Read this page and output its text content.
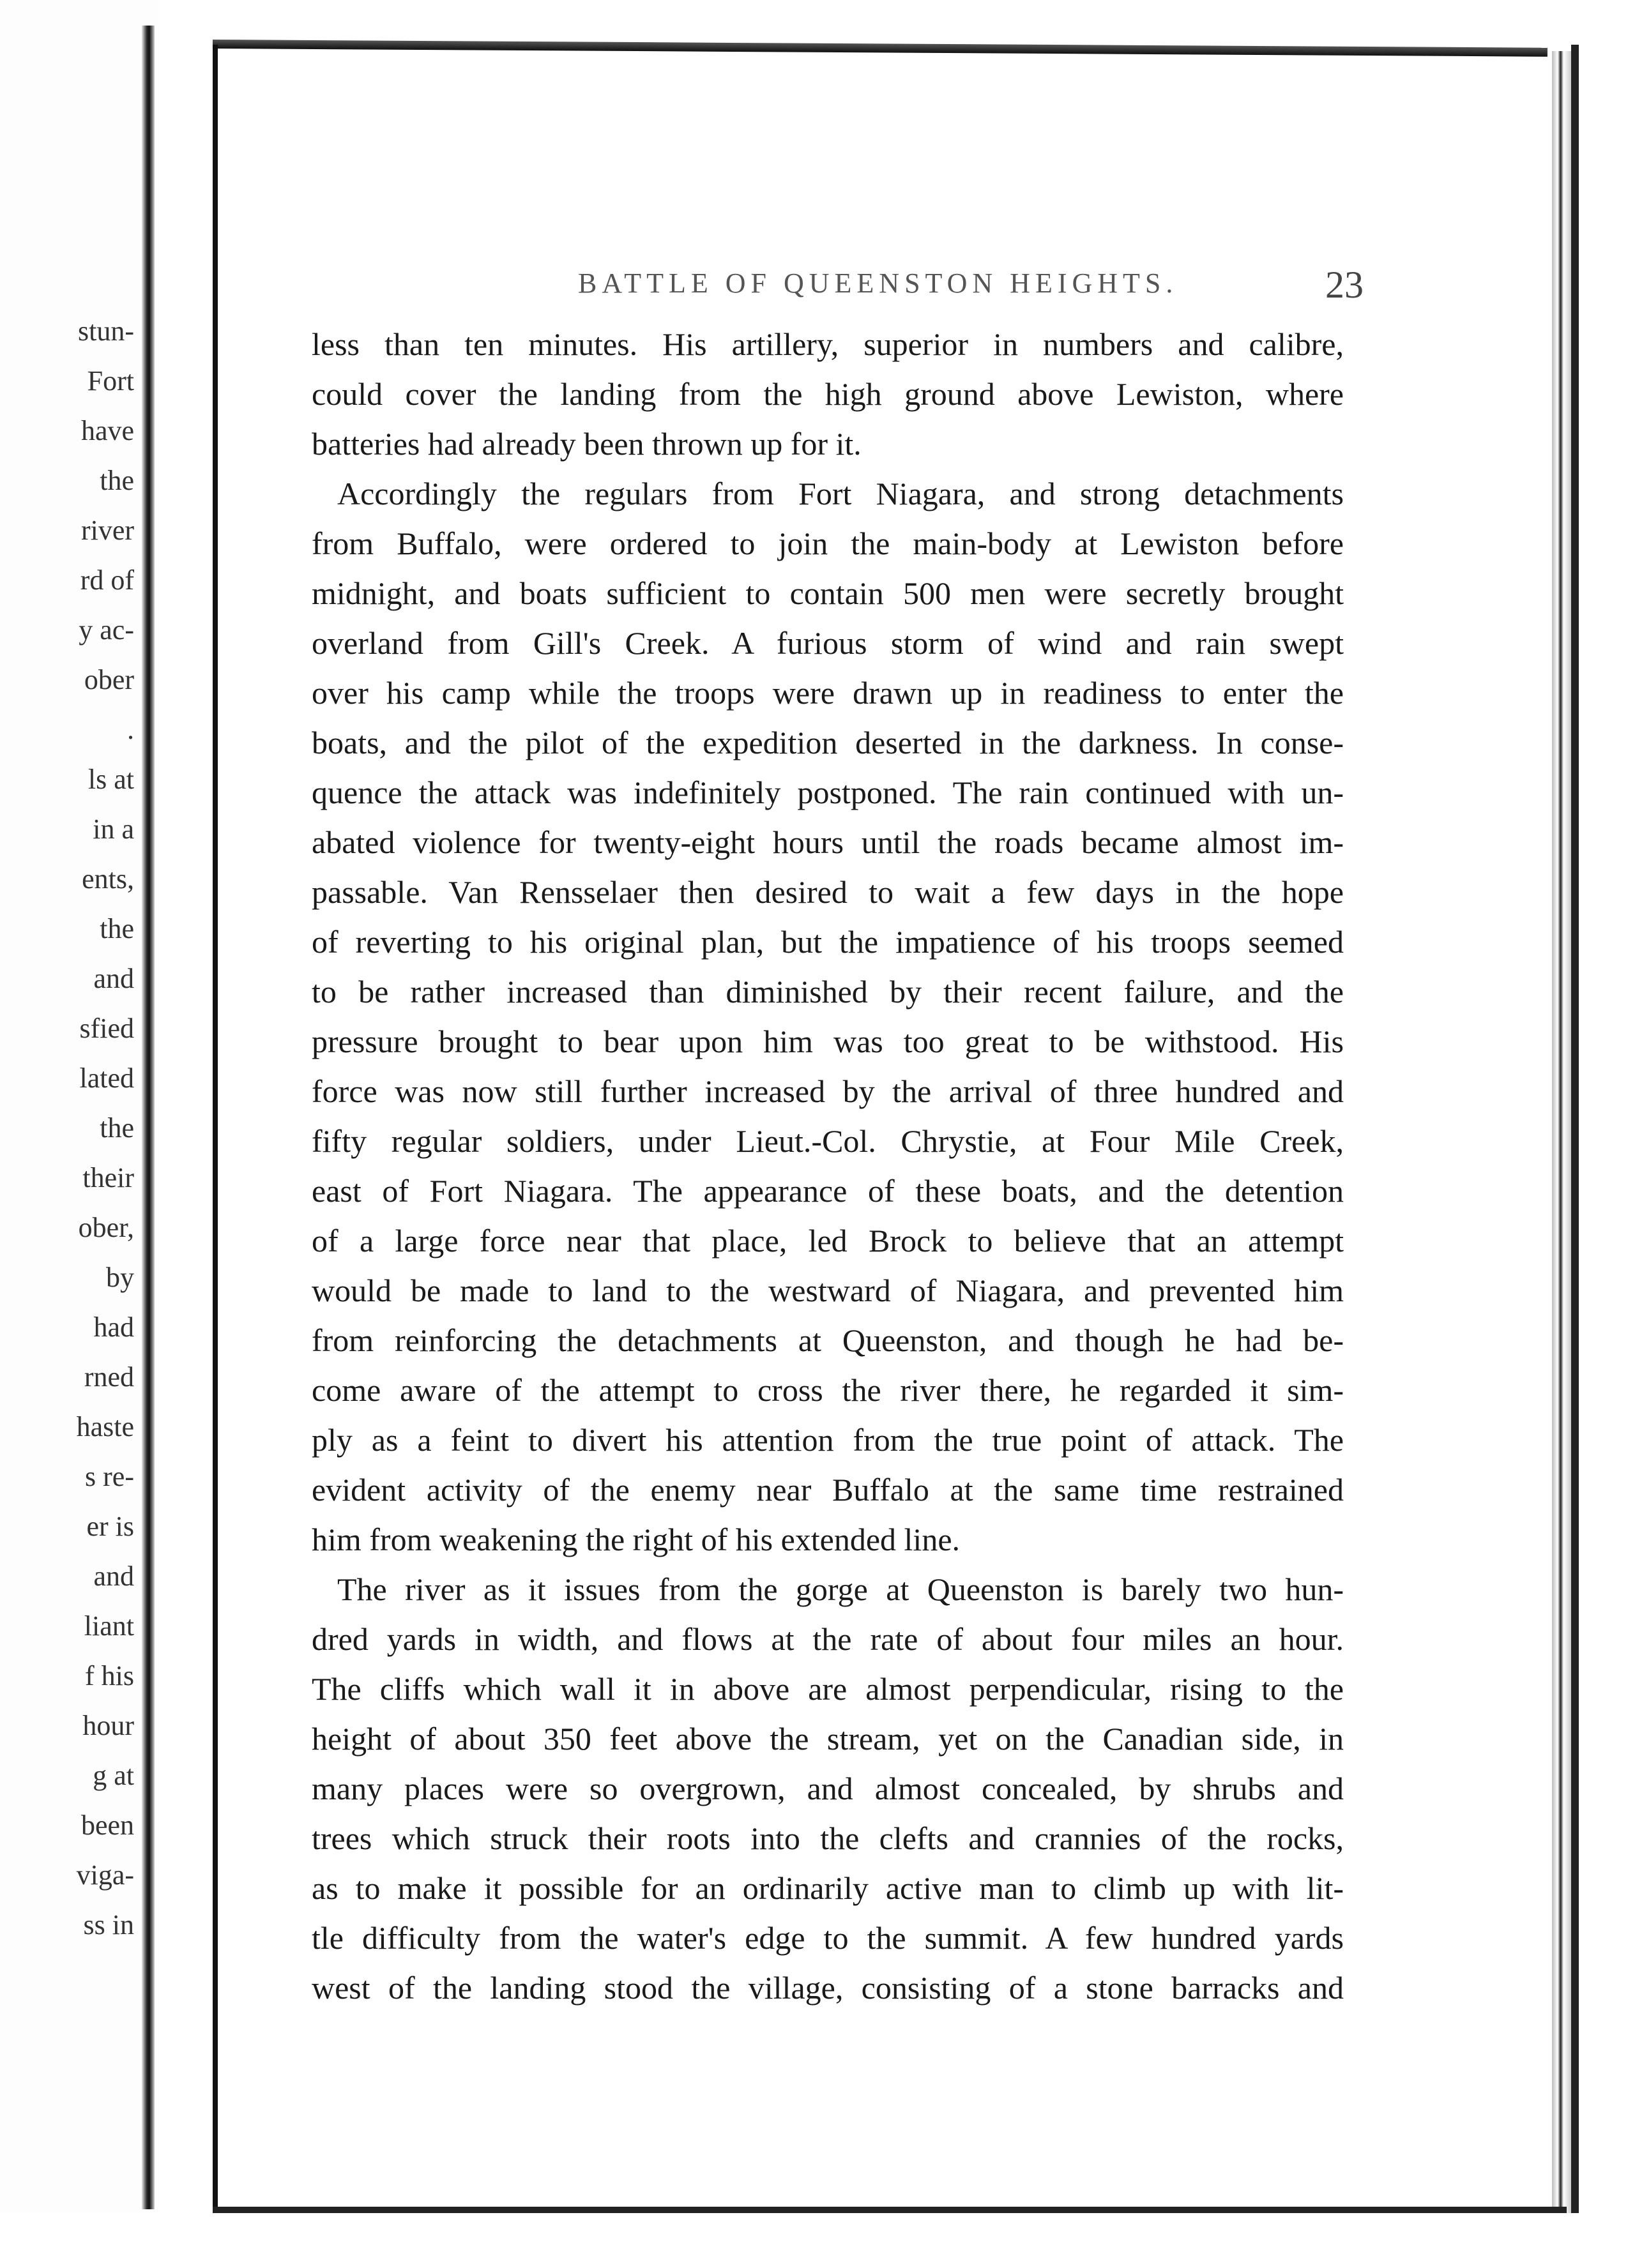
stun-
Fort
have
the
river
rd of
y ac-
ober
.
ls at
in a
ents,
the
and
sfied
lated
the
their
ober,
by
had
rned
haste
s re-
er is
and
liant
f his
hour
g at
been
viga-
ss in
BATTLE OF QUEENSTON HEIGHTS.	23
less than ten minutes. His artillery, superior in numbers and calibre,
could cover the landing from the high ground above Lewiston, where
batteries had already been thrown up for it.
Accordingly the regulars from Fort Niagara, and strong detachments
from Buffalo, were ordered to join the main-body at Lewiston before
midnight, and boats sufficient to contain 500 men were secretly brought
overland from Gill's Creek. A furious storm of wind and rain swept
over his camp while the troops were drawn up in readiness to enter the
boats, and the pilot of the expedition deserted in the darkness. In conse-
quence the attack was indefinitely postponed. The rain continued with un-
abated violence for twenty-eight hours until the roads became almost im-
passable. Van Rensselaer then desired to wait a few days in the hope
of reverting to his original plan, but the impatience of his troops seemed
to be rather increased than diminished by their recent failure, and the
pressure brought to bear upon him was too great to be withstood. His
force was now still further increased by the arrival of three hundred and
fifty regular soldiers, under Lieut.-Col. Chrystie, at Four Mile Creek,
east of Fort Niagara. The appearance of these boats, and the detention
of a large force near that place, led Brock to believe that an attempt
would be made to land to the westward of Niagara, and prevented him
from reinforcing the detachments at Queenston, and though he had be-
come aware of the attempt to cross the river there, he regarded it sim-
ply as a feint to divert his attention from the true point of attack. The
evident activity of the enemy near Buffalo at the same time restrained
him from weakening the right of his extended line.
The river as it issues from the gorge at Queenston is barely two hun-
dred yards in width, and flows at the rate of about four miles an hour.
The cliffs which wall it in above are almost perpendicular, rising to the
height of about 350 feet above the stream, yet on the Canadian side, in
many places were so overgrown, and almost concealed, by shrubs and
trees which struck their roots into the clefts and crannies of the rocks,
as to make it possible for an ordinarily active man to climb up with lit-
tle difficulty from the water's edge to the summit. A few hundred yards
west of the landing stood the village, consisting of a stone barracks and
